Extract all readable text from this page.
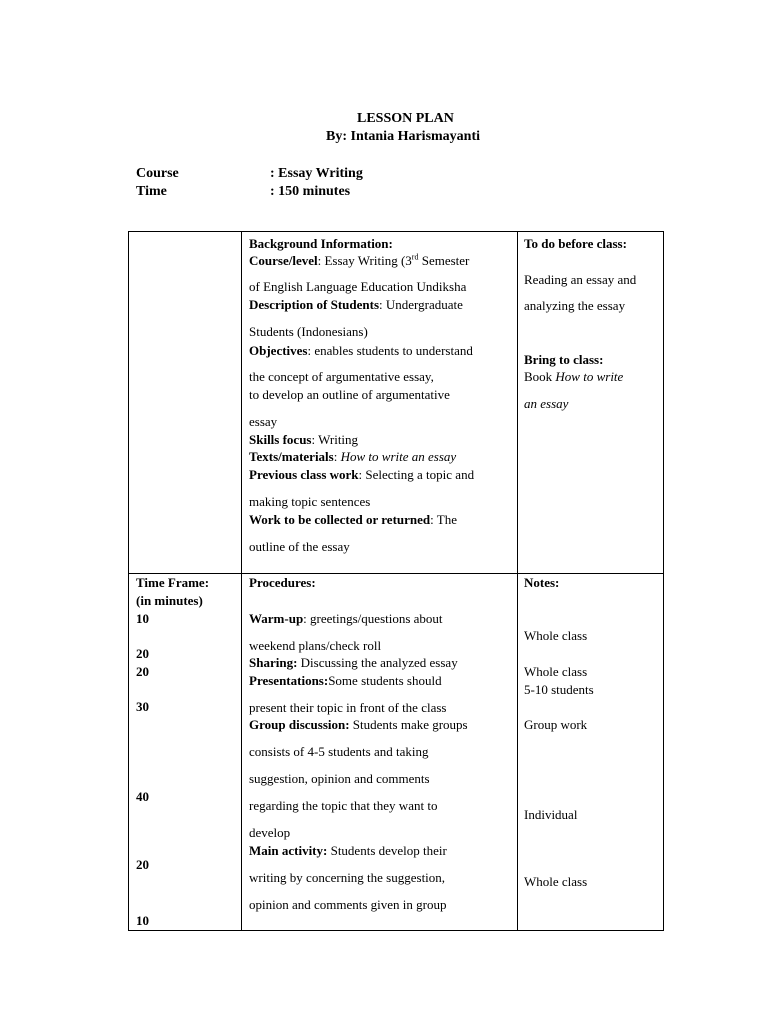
LESSON PLAN
By: Intania Harismayanti
Course	: Essay Writing
Time	: 150 minutes
Background Information:
Course/level: Essay Writing (3rd Semester
of English Language Education Undiksha
Description of Students: Undergraduate
Students (Indonesians)
Objectives: enables students to understand
the concept of argumentative essay,
to develop an outline of argumentative
essay
Skills focus: Writing
Texts/materials: How to write an essay
Previous class work: Selecting a topic and
making topic sentences
Work to be collected or returned: The
outline of the essay
To do before class:
Reading an essay and
analyzing the essay
Bring to class:
Book How to write
an essay
Time Frame:
(in minutes)
10
20
20
30
40
20
10
Procedures:
Warm-up: greetings/questions about
weekend plans/check roll
Sharing: Discussing the analyzed essay
Presentations:Some students should
present their topic in front of the class
Group discussion: Students make groups
consists of 4-5 students and taking
suggestion, opinion and comments
regarding the topic that they want to
develop
Main activity: Students develop their
writing by concerning the suggestion,
opinion and comments given in group
Notes:
Whole class
Whole class
5-10 students
Group work
Individual
Whole class
